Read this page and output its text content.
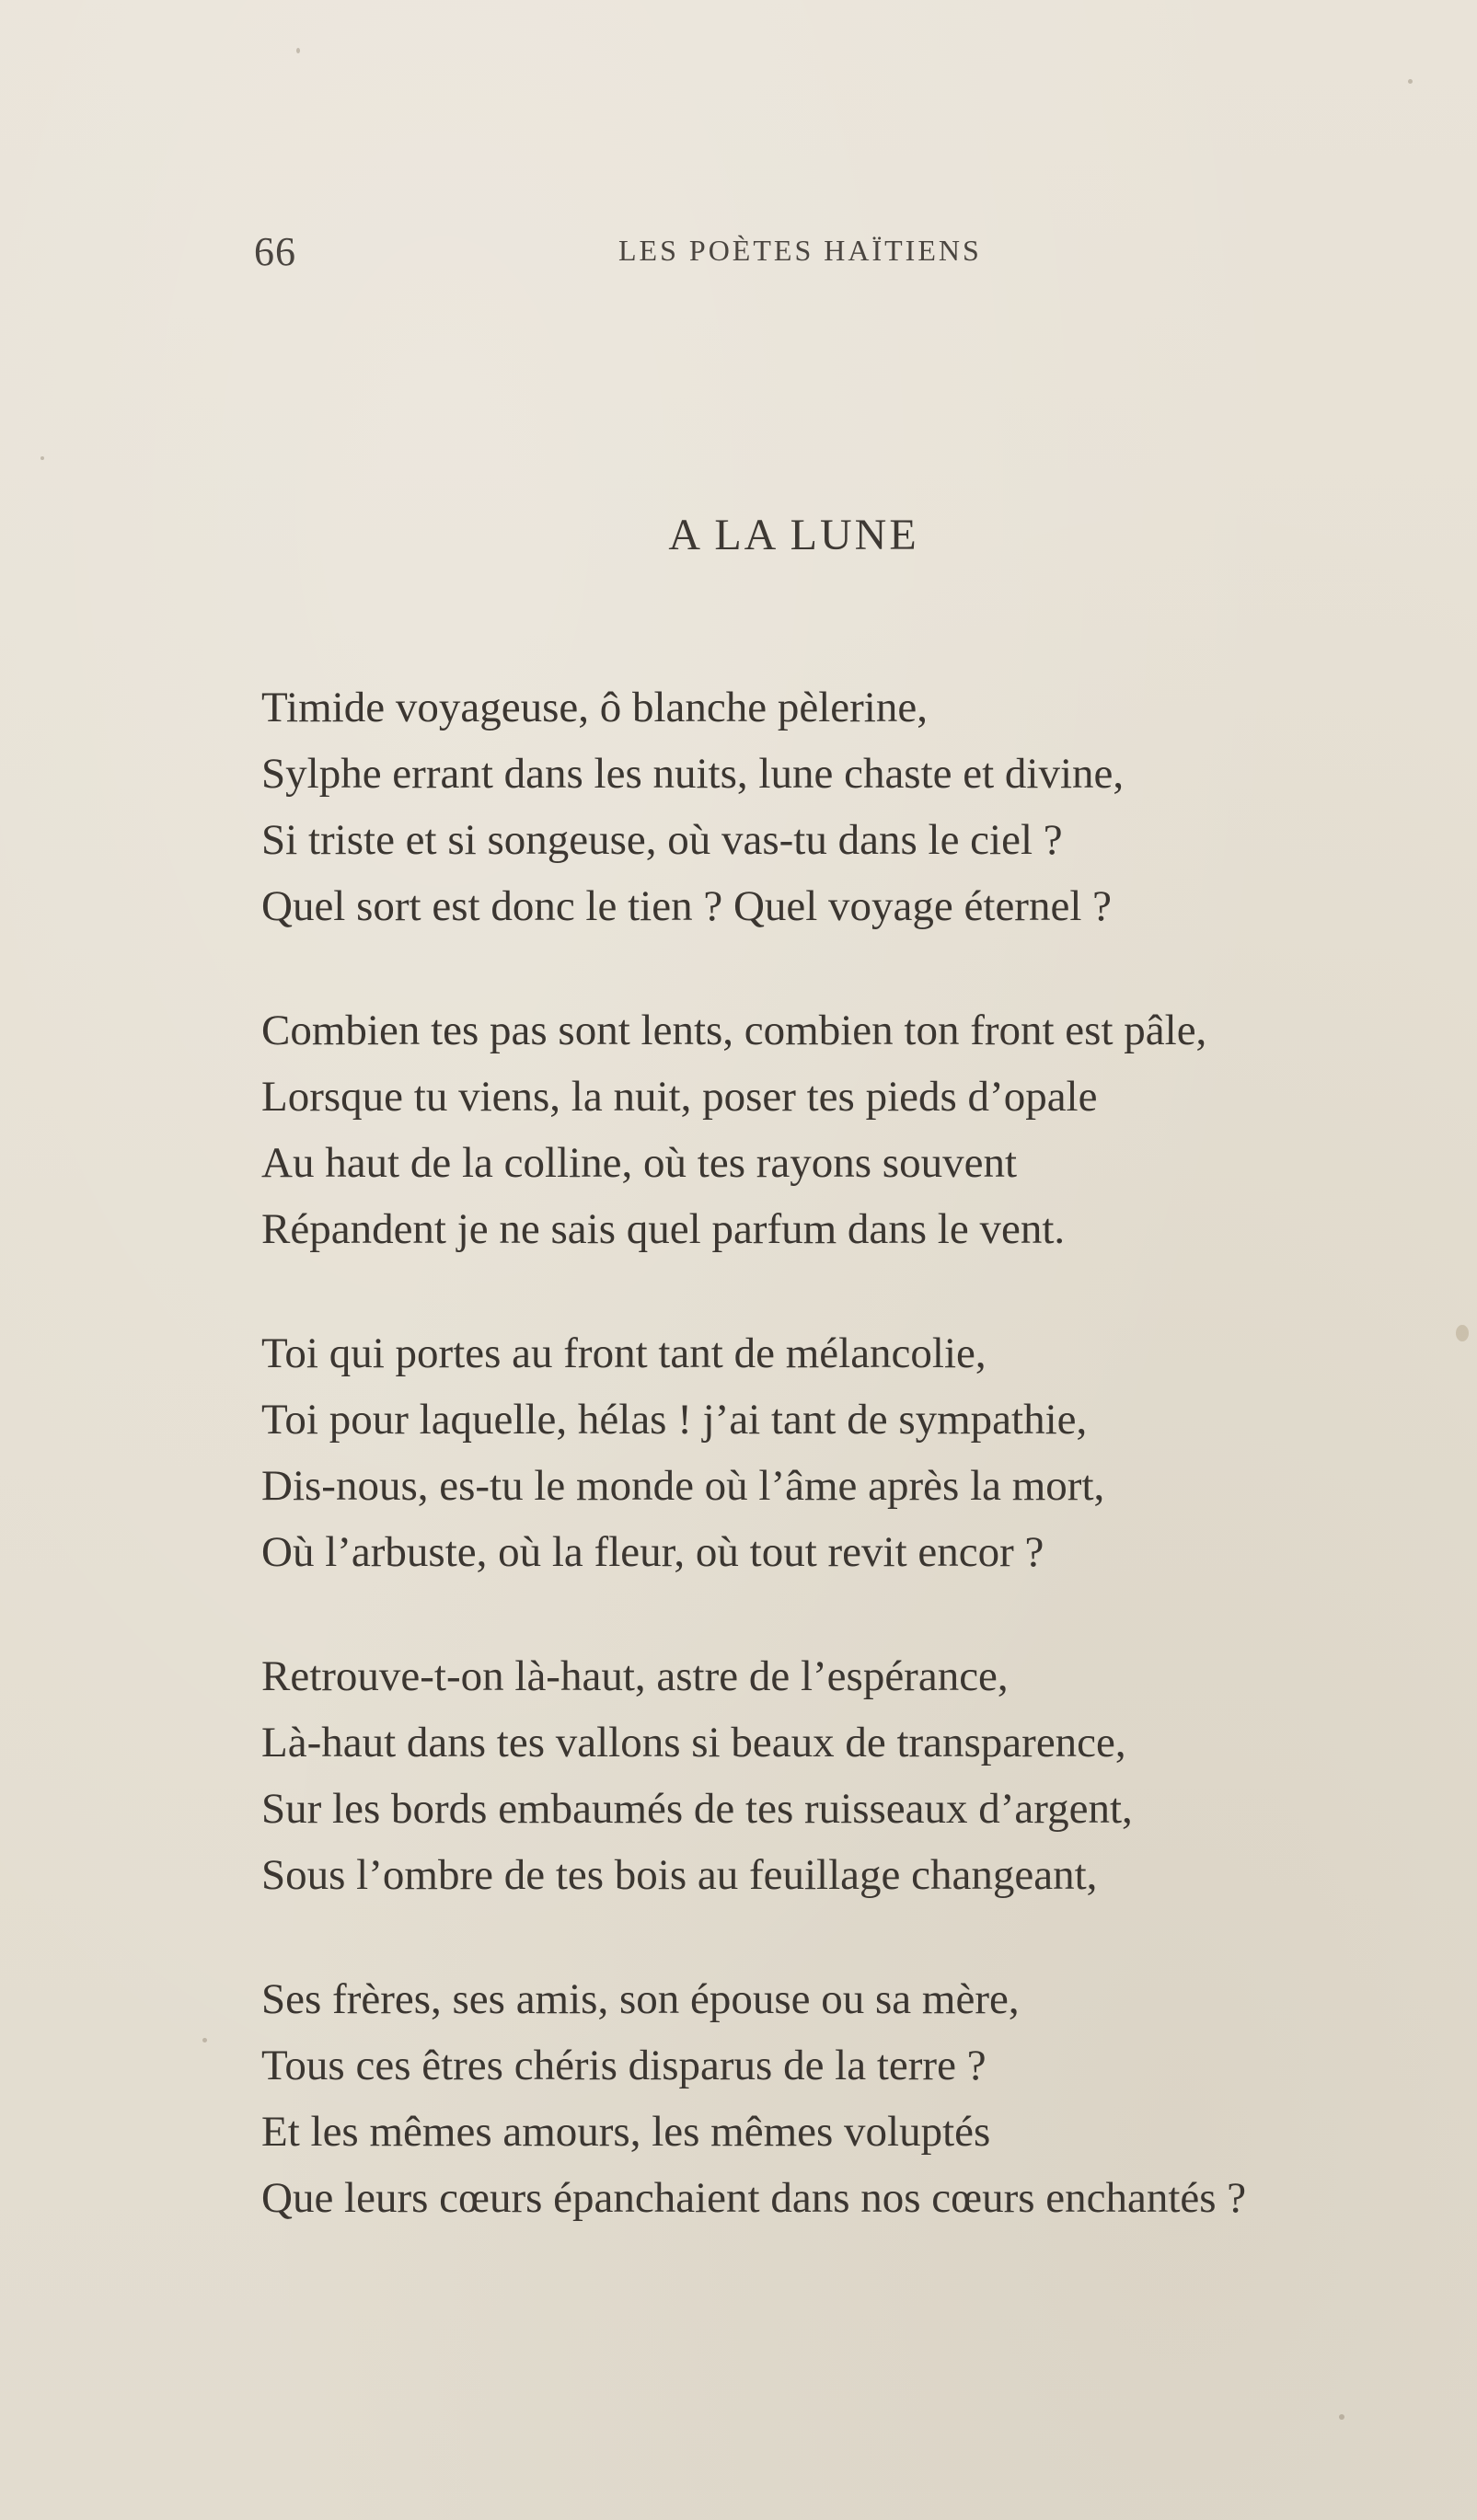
66	LES POÈTES HAÏTIENS
A LA LUNE
Timide voyageuse, ô blanche pèlerine,
Sylphe errant dans les nuits, lune chaste et divine,
Si triste et si songeuse, où vas-tu dans le ciel ?
Quel sort est donc le tien ? Quel voyage éternel ?
Combien tes pas sont lents, combien ton front est pâle,
Lorsque tu viens, la nuit, poser tes pieds d’opale
Au haut de la colline, où tes rayons souvent
Répandent je ne sais quel parfum dans le vent.
Toi qui portes au front tant de mélancolie,
Toi pour laquelle, hélas ! j’ai tant de sympathie,
Dis-nous, es-tu le monde où l’âme après la mort,
Où l’arbuste, où la fleur, où tout revit encor ?
Retrouve-t-on là-haut, astre de l’espérance,
Là-haut dans tes vallons si beaux de transparence,
Sur les bords embaumés de tes ruisseaux d’argent,
Sous l’ombre de tes bois au feuillage changeant,
Ses frères, ses amis, son épouse ou sa mère,
Tous ces êtres chéris disparus de la terre ?
Et les mêmes amours, les mêmes voluptés
Que leurs cœurs épanchaient dans nos cœurs enchantés ?
